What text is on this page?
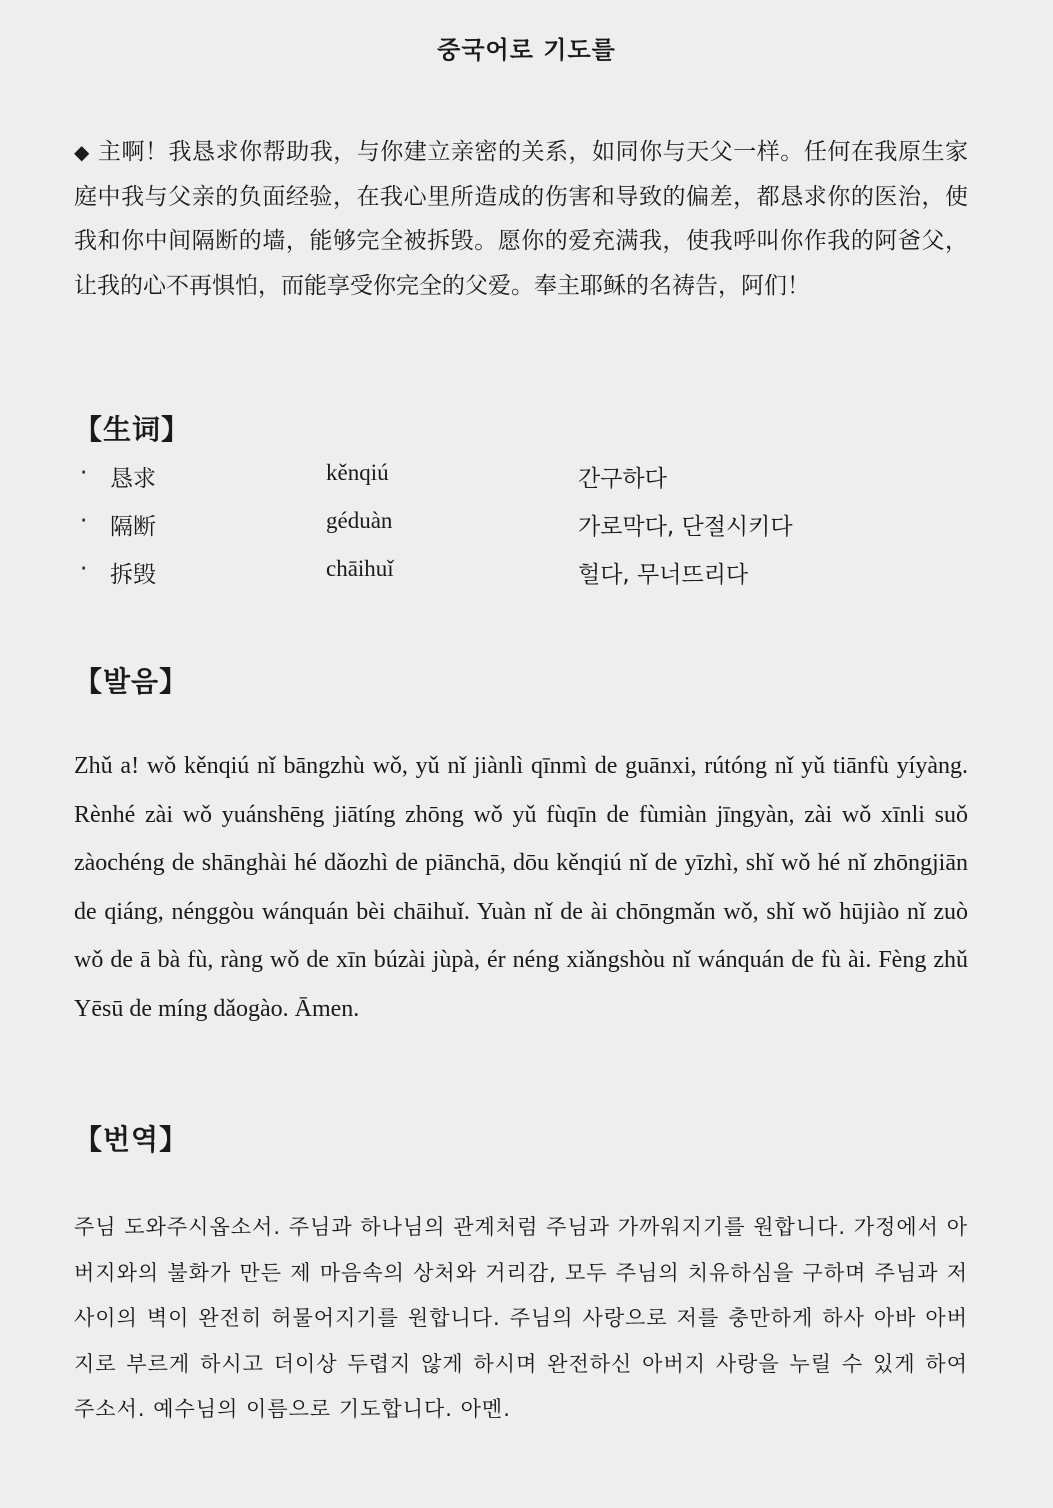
중국어로 기도를
◆ 主啊！我恳求你帮助我，与你建立亲密的关系，如同你与天父一样。任何在我原生家庭中我与父亲的负面经验，在我心里所造成的伤害和导致的偏差，都恳求你的医治，使我和你中间隔断的墙，能够完全被拆毁。愿你的爱充满我，使我呼叫你作我的阿爸父，让我的心不再惧怕，而能享受你完全的父爱。奉主耶稣的名祷告，阿们！
【生词】
· 恳求	kěnqiú	간구하다
· 隔断	géduàn	가로막다, 단절시키다
· 拆毁	chāihuǐ	헐다, 무너뜨리다
【발음】
Zhǔ a! wǒ kěnqiú nǐ bāngzhù wǒ, yǔ nǐ jiànlì qīnmì de guānxi, rútóng nǐ yǔ tiānfù yíyàng. Rènhé zài wǒ yuánshēng jiātíng zhōng wǒ yǔ fùqīn de fùmiàn jīngyàn, zài wǒ xīnli suǒ zàochéng de shānghài hé dǎozhì de piānchā, dōu kěnqiú nǐ de yīzhì, shǐ wǒ hé nǐ zhōngjiān de qiáng, nénggòu wánquán bèi chāihuǐ. Yuàn nǐ de ài chōngmǎn wǒ, shǐ wǒ hūjiào nǐ zuò wǒ de ā bà fù, ràng wǒ de xīn búzài jùpà, ér néng xiǎngshòu nǐ wánquán de fù ài. Fèng zhǔ Yēsū de míng dǎogào. Āmen.
【번역】
주님 도와주시옵소서. 주님과 하나님의 관계처럼 주님과 가까워지기를 원합니다. 가정에서 아버지와의 불화가 만든 제 마음속의 상처와 거리감, 모두 주님의 치유하심을 구하며 주님과 저 사이의 벽이 완전히 허물어지기를 원합니다. 주님의 사랑으로 저를 충만하게 하사 아바 아버지로 부르게 하시고 더이상 두렵지 않게 하시며 완전하신 아버지 사랑을 누릴 수 있게 하여 주소서. 예수님의 이름으로 기도합니다. 아멘.
